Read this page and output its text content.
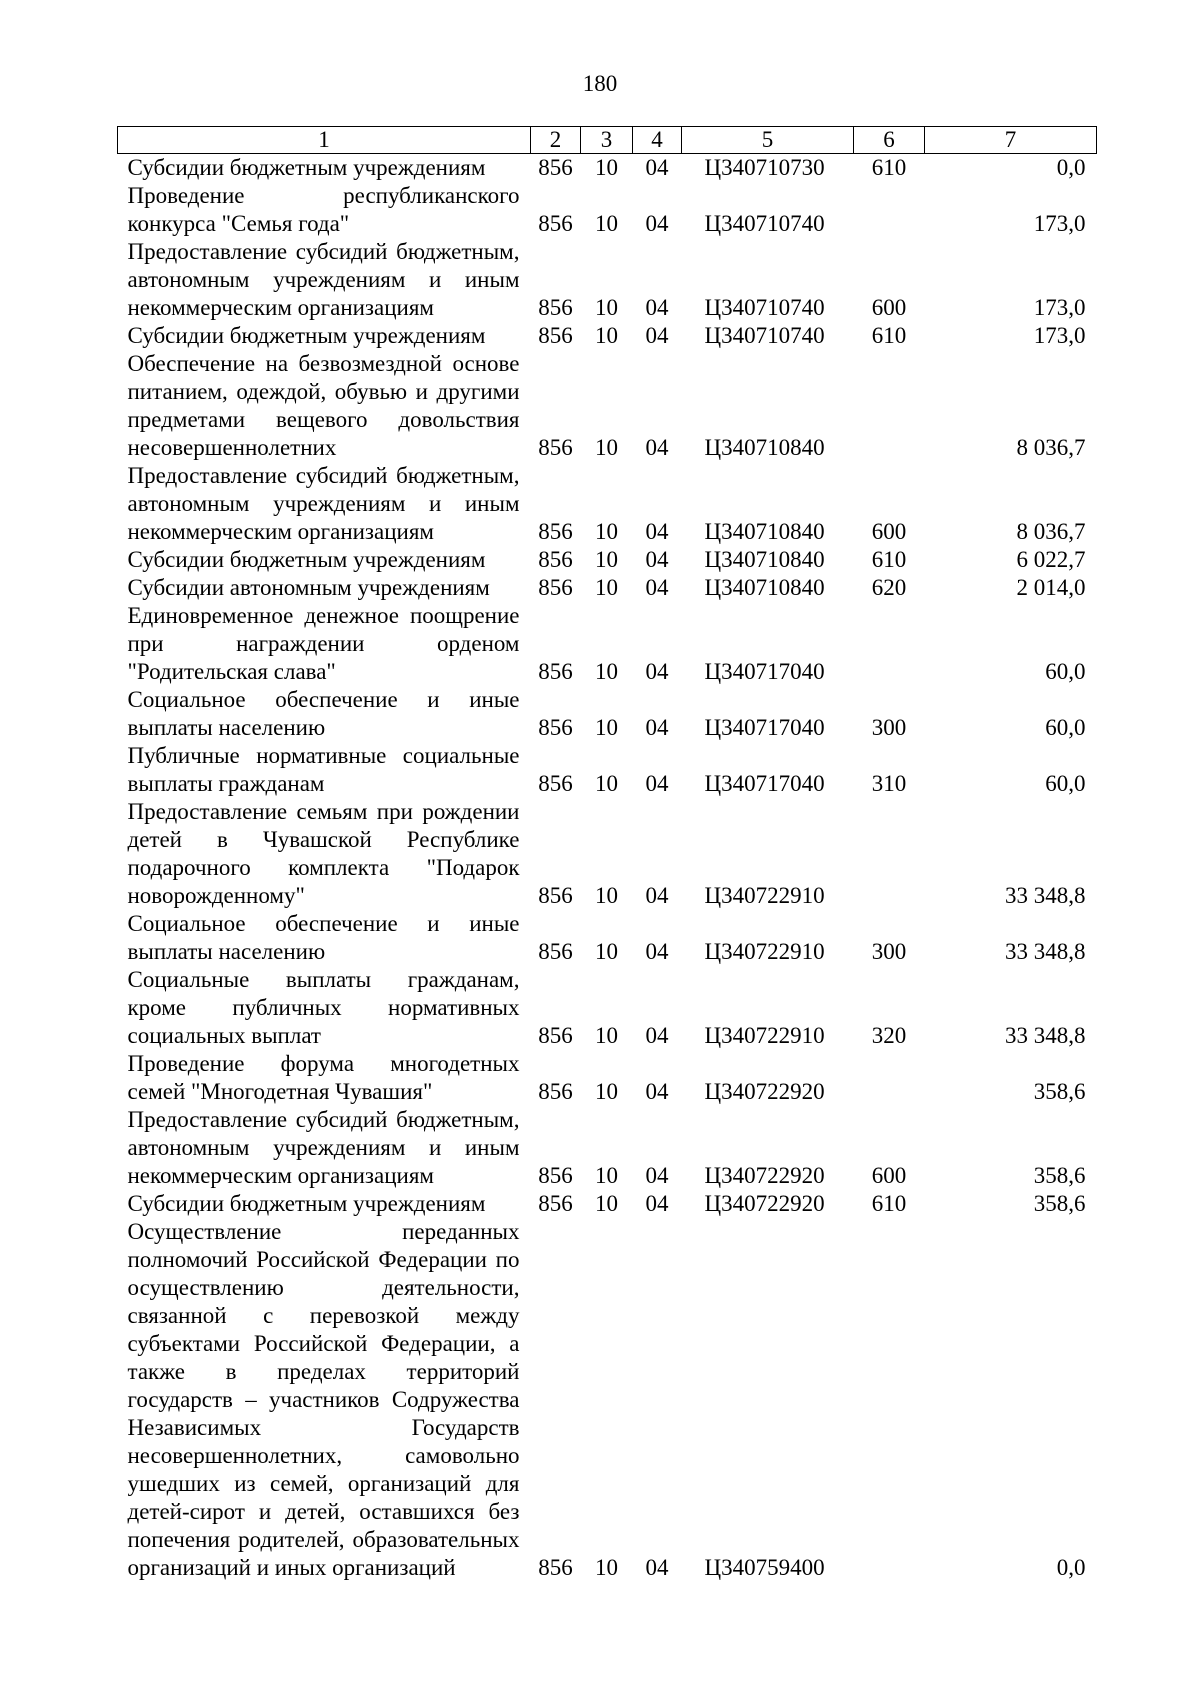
180
1	2	3	4	5	6	7
Субсидии бюджетным учреждениям	856	10	04	Ц340710730	610	0,0
Проведение республиканского конкурса "Семья года"	856	10	04	Ц340710740		173,0
Предоставление субсидий бюджетным, автономным учреждениям и иным некоммерческим организациям	856	10	04	Ц340710740	600	173,0
Субсидии бюджетным учреждениям	856	10	04	Ц340710740	610	173,0
Обеспечение на безвозмездной основе питанием, одеждой, обувью и другими предметами вещевого довольствия несовершеннолетних	856	10	04	Ц340710840		8 036,7
Предоставление субсидий бюджетным, автономным учреждениям и иным некоммерческим организациям	856	10	04	Ц340710840	600	8 036,7
Субсидии бюджетным учреждениям	856	10	04	Ц340710840	610	6 022,7
Субсидии автономным учреждениям	856	10	04	Ц340710840	620	2 014,0
Единовременное денежное поощрение при награждении орденом "Родительская слава"	856	10	04	Ц340717040		60,0
Социальное обеспечение и иные выплаты населению	856	10	04	Ц340717040	300	60,0
Публичные нормативные социальные выплаты гражданам	856	10	04	Ц340717040	310	60,0
Предоставление семьям при рождении детей в Чувашской Республике подарочного комплекта "Подарок новорожденному"	856	10	04	Ц340722910		33 348,8
Социальное обеспечение и иные выплаты населению	856	10	04	Ц340722910	300	33 348,8
Социальные выплаты гражданам, кроме публичных нормативных социальных выплат	856	10	04	Ц340722910	320	33 348,8
Проведение форума многодетных семей "Многодетная Чувашия"	856	10	04	Ц340722920		358,6
Предоставление субсидий бюджетным, автономным учреждениям и иным некоммерческим организациям	856	10	04	Ц340722920	600	358,6
Субсидии бюджетным учреждениям	856	10	04	Ц340722920	610	358,6
Осуществление переданных полномочий Российской Федерации по осуществлению деятельности, связанной с перевозкой между субъектами Российской Федерации, а также в пределах территорий государств – участников Содружества Независимых Государств несовершеннолетних, самовольно ушедших из семей, организаций для детей-сирот и детей, оставшихся без попечения родителей, образовательных организаций и иных организаций	856	10	04	Ц340759400		0,0
